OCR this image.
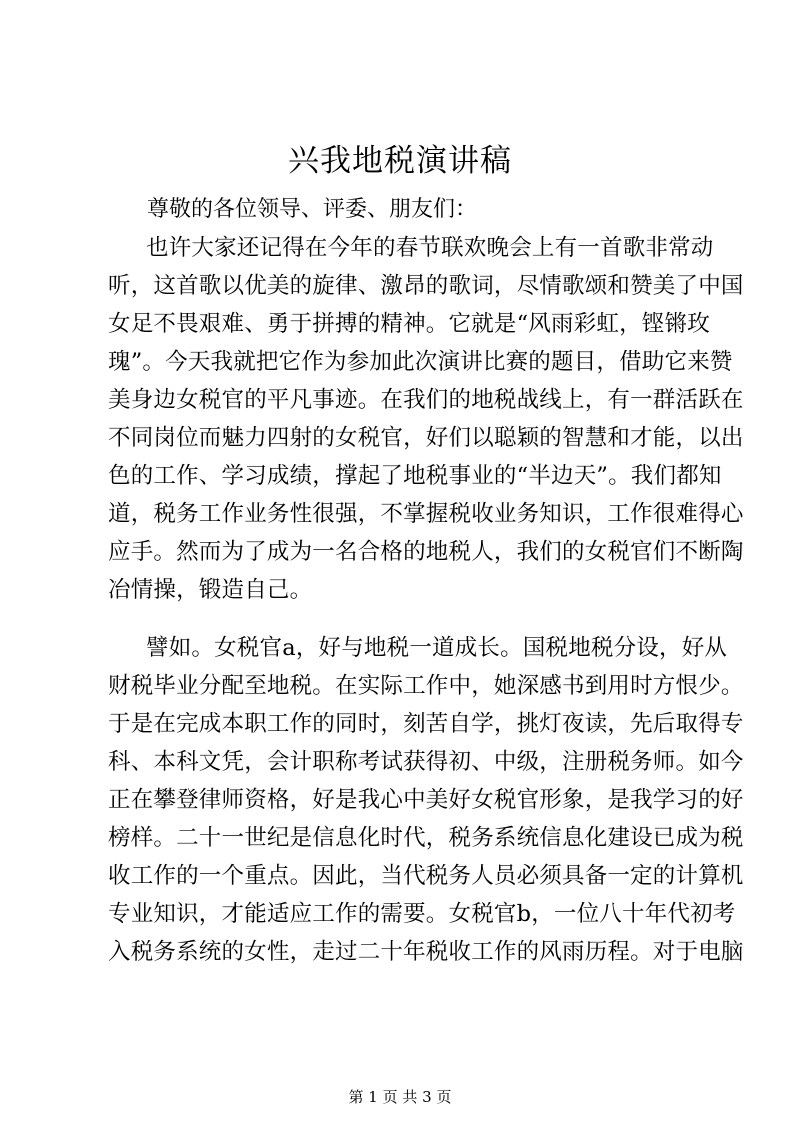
兴我地税演讲稿
尊敬的各位领导、评委、朋友们：
也许大家还记得在今年的春节联欢晚会上有一首歌非常动
听，这首歌以优美的旋律、激昂的歌词，尽情歌颂和赞美了中国
女足不畏艰难、勇于拼搏的精神。它就是“风雨彩虹，铿锵玫
瑰”。今天我就把它作为参加此次演讲比赛的题目，借助它来赞
美身边女税官的平凡事迹。在我们的地税战线上，有一群活跃在
不同岗位而魅力四射的女税官，好们以聪颖的智慧和才能，以出
色的工作、学习成绩，撑起了地税事业的“半边天”。我们都知
道，税务工作业务性很强，不掌握税收业务知识，工作很难得心
应手。然而为了成为一名合格的地税人，我们的女税官们不断陶
冶情操，锻造自己。
譬如。女税官a，好与地税一道成长。国税地税分设，好从
财税毕业分配至地税。在实际工作中，她深感书到用时方恨少。
于是在完成本职工作的同时，刻苦自学，挑灯夜读，先后取得专
科、本科文凭，会计职称考试获得初、中级，注册税务师。如今
正在攀登律师资格，好是我心中美好女税官形象，是我学习的好
榜样。二十一世纪是信息化时代，税务系统信息化建设已成为税
收工作的一个重点。因此，当代税务人员必须具备一定的计算机
专业知识，才能适应工作的需要。女税官b，一位八十年代初考
入税务系统的女性，走过二十年税收工作的风雨历程。对于电脑
第 1 页 共 3 页
